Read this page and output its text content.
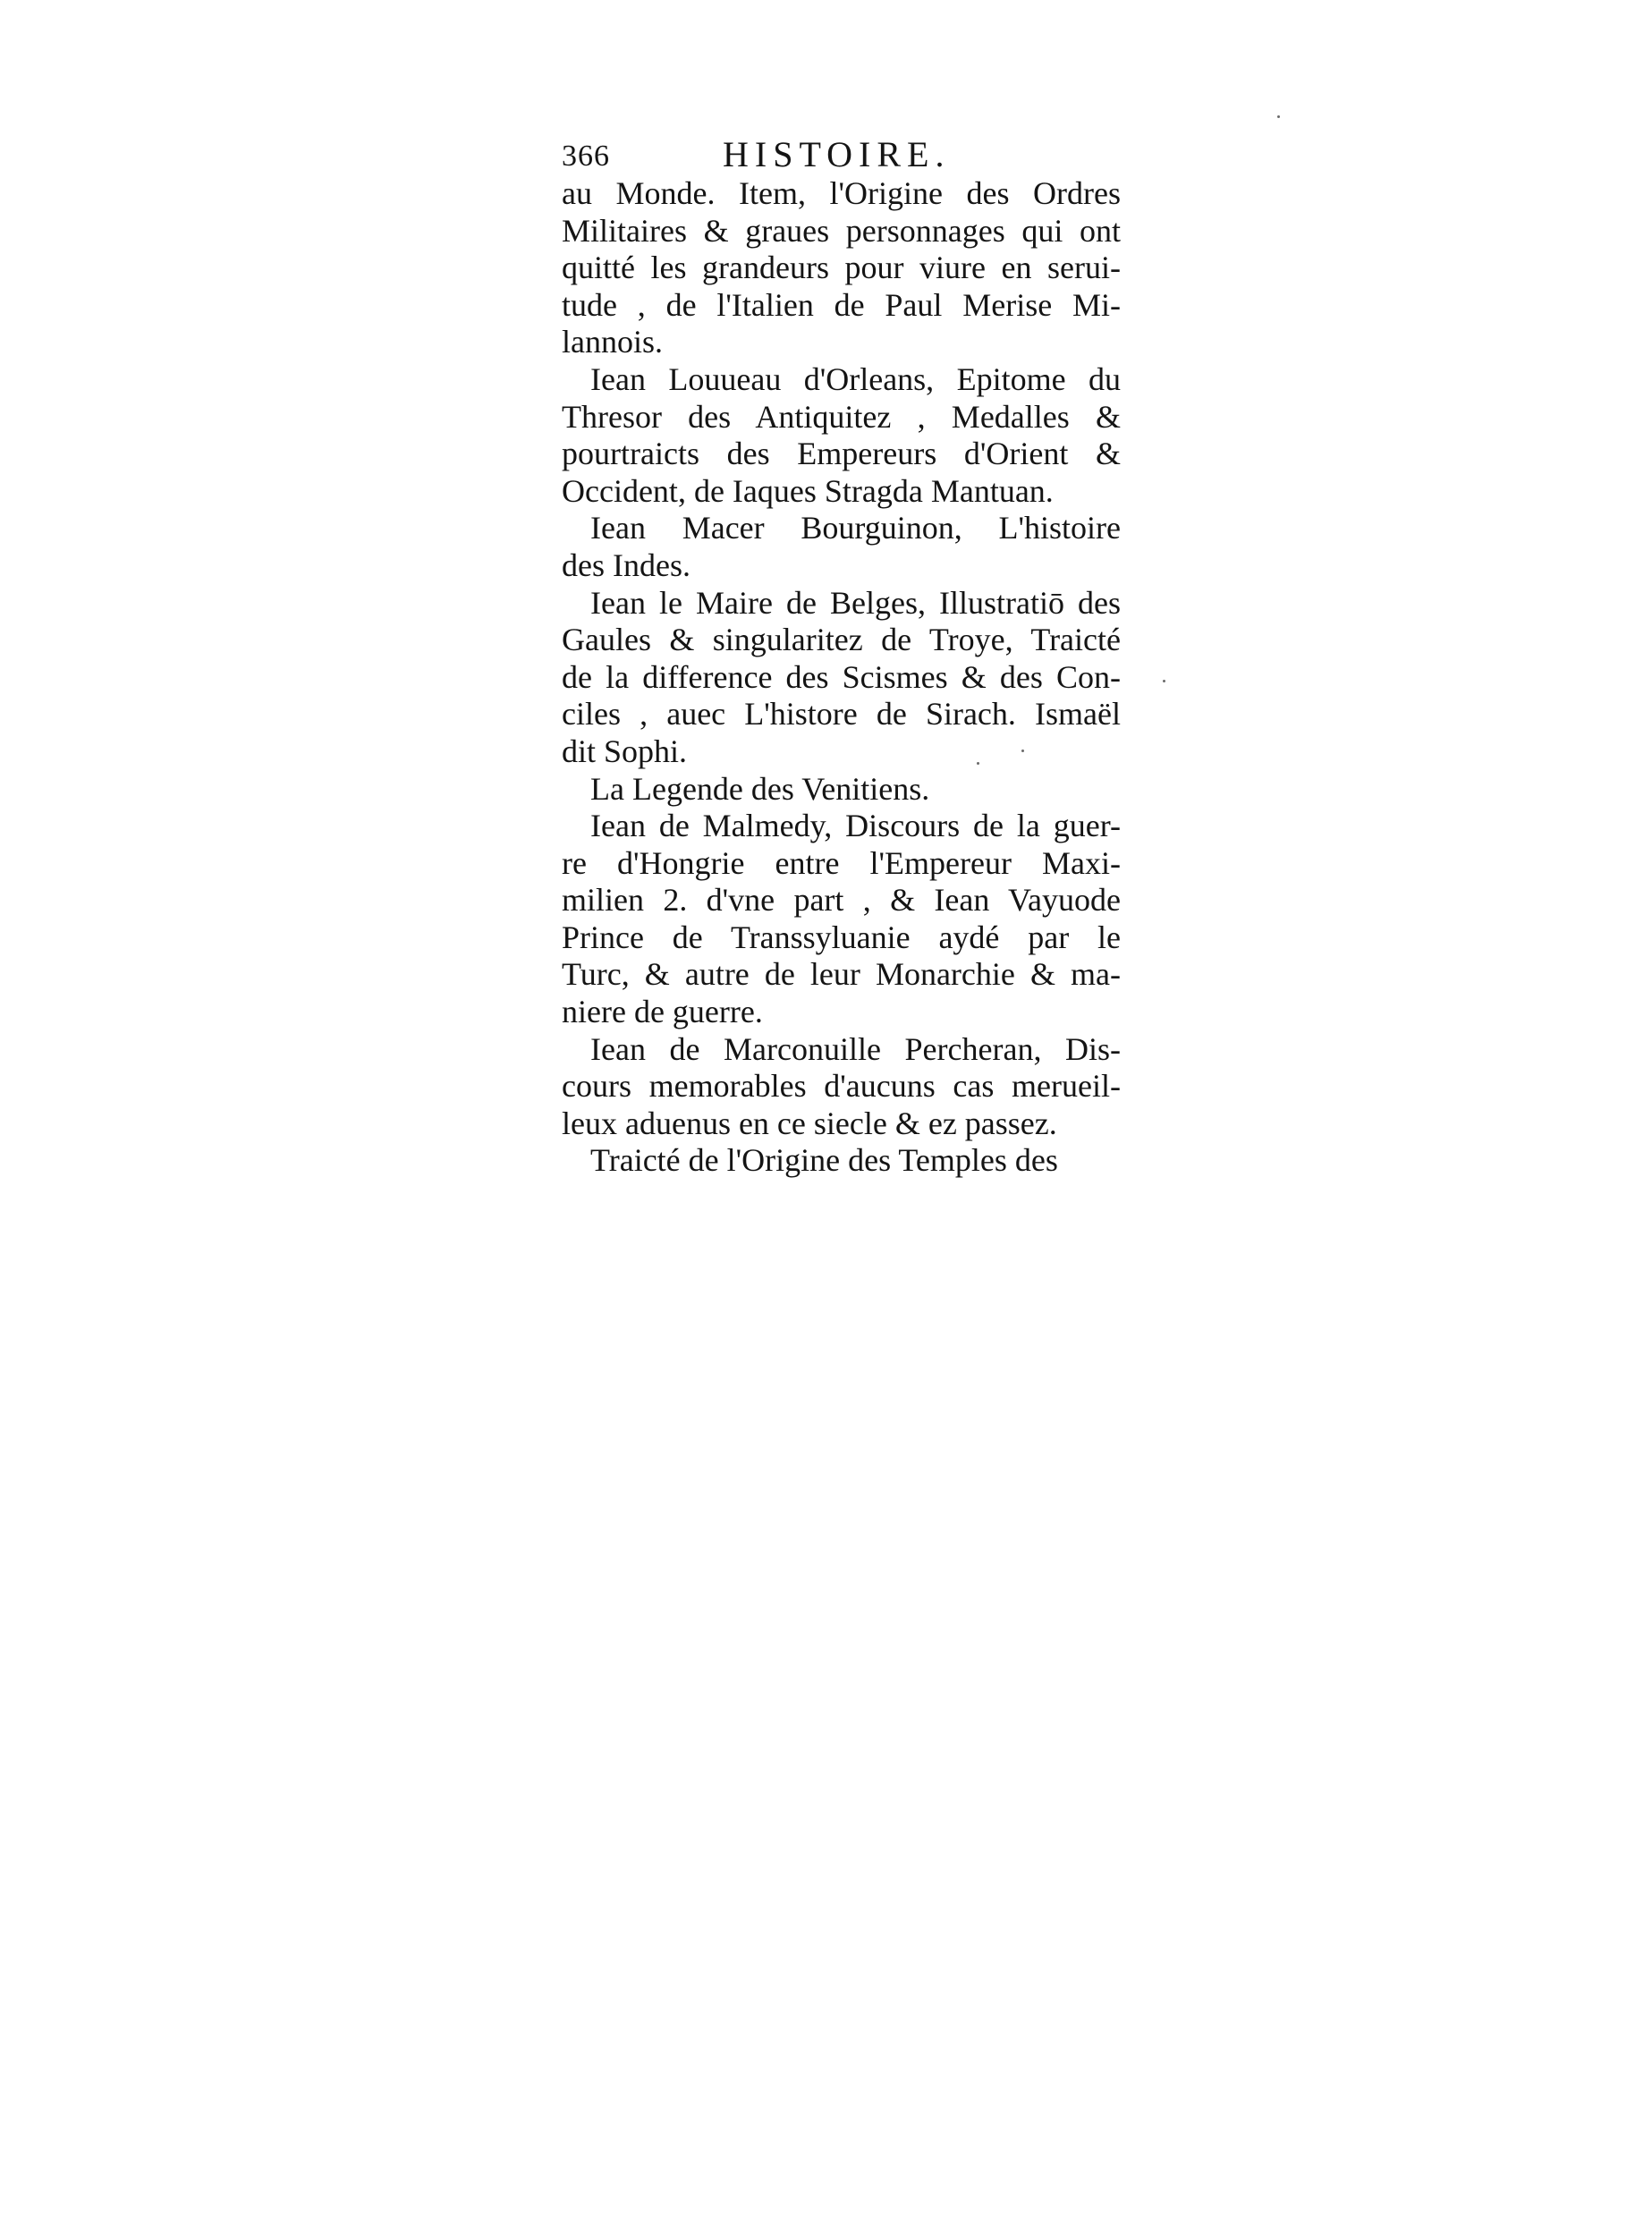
366	HISTOIRE.
au Monde. Item, l'Origine des Ordres
Militaires & graues personnages qui ont
quitté les grandeurs pour viure en serui-
tude , de l'Italien de Paul Merise Mi-
lannois.
Iean Louueau d'Orleans, Epitome du
Thresor des Antiquitez , Medalles &
pourtraicts des Empereurs d'Orient &
Occident, de Iaques Stragda Mantuan.
Iean Macer Bourguinon, L'histoire
des Indes.
Iean le Maire de Belges, Illustratiō des
Gaules & singularitez de Troye, Traicté
de la difference des Scismes & des Con-
ciles , auec L'histore de Sirach. Ismaël
dit Sophi.
La Legende des Venitiens.
Iean de Malmedy, Discours de la guer-
re d'Hongrie entre l'Empereur Maxi-
milien 2. d'vne part , & Iean Vayuode
Prince de Transsyluanie aydé par le
Turc, & autre de leur Monarchie & ma-
niere de guerre.
Iean de Marconuille Percheran, Dis-
cours memorables d'aucuns cas merueil-
leux aduenus en ce siecle & ez passez.
Traicté de l'Origine des Temples des
